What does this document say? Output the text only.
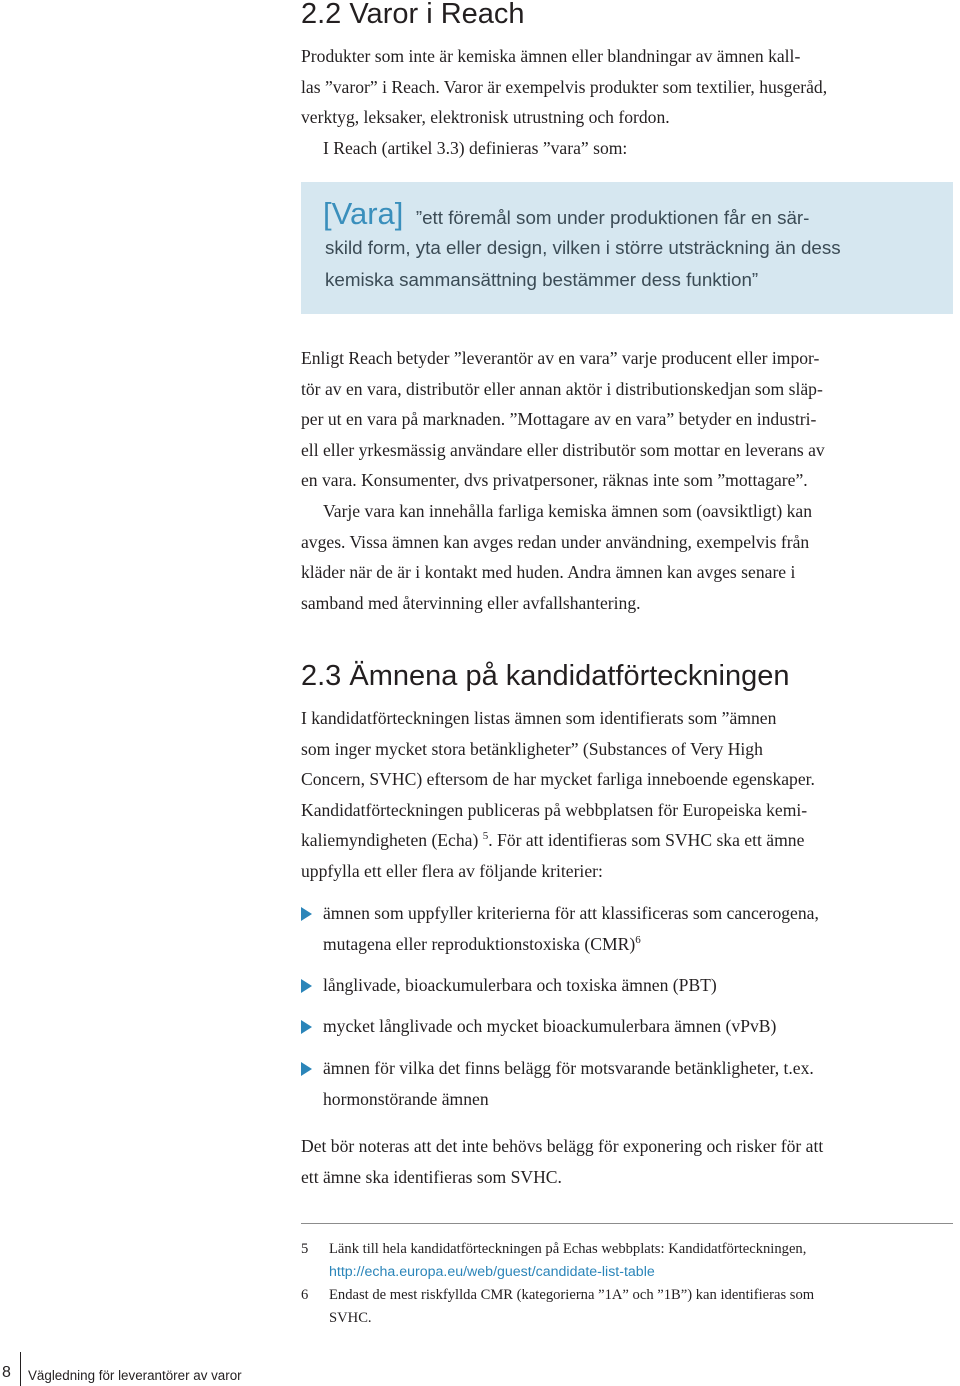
2.2 Varor i Reach
Produkter som inte är kemiska ämnen eller blandningar av ämnen kall-
las ”varor” i Reach. Varor är exempelvis produkter som textilier, husgeråd,
verktyg, leksaker, elektronisk utrustning och fordon.
I Reach (artikel 3.3) definieras ”vara” som:
[Vara] ”ett föremål som under produktionen får en sär-
skild form, yta eller design, vilken i större utsträckning än dess
kemiska sammansättning bestämmer dess funktion”
Enligt Reach betyder ”leverantör av en vara” varje producent eller impor-
tör av en vara, distributör eller annan aktör i distributionskedjan som släp-
per ut en vara på marknaden. ”Mottagare av en vara” betyder en industri-
ell eller yrkesmässig användare eller distributör som mottar en leverans av
en vara. Konsumenter, dvs privatpersoner, räknas inte som ”mottagare”.
Varje vara kan innehålla farliga kemiska ämnen som (oavsiktligt) kan
avges. Vissa ämnen kan avges redan under användning, exempelvis från
kläder när de är i kontakt med huden. Andra ämnen kan avges senare i
samband med återvinning eller avfallshantering.
2.3 Ämnena på kandidatförteckningen
I kandidatförteckningen listas ämnen som identifierats som ”ämnen
som inger mycket stora betänkligheter” (Substances of Very High
Concern, SVHC) eftersom de har mycket farliga inneboende egenskaper.
Kandidatförteckningen publiceras på webbplatsen för Europeiska kemi-
kaliemyndigheten (Echa) $^5$. För att identifieras som SVHC ska ett ämne
uppfylla ett eller flera av följande kriterier:
ämnen som uppfyller kriterierna för att klassificeras som cancerogena,
mutagena eller reproduktionstoxiska (CMR)$^6$
långlivade, bioackumulerbara och toxiska ämnen (PBT)
mycket långlivade och mycket bioackumulerbara ämnen (vPvB)
ämnen för vilka det finns belägg för motsvarande betänkligheter, t.ex.
hormonstörande ämnen
Det bör noteras att det inte behövs belägg för exponering och risker för att
ett ämne ska identifieras som SVHC.
5 Länk till hela kandidatförteckningen på Echas webbplats: Kandidatförteckningen,
http://echa.europa.eu/web/guest/candidate-list-table
6 Endast de mest riskfyllda CMR (kategorierna ”1A” och ”1B”) kan identifieras som
SVHC.
8	Vägledning för leverantörer av varor
